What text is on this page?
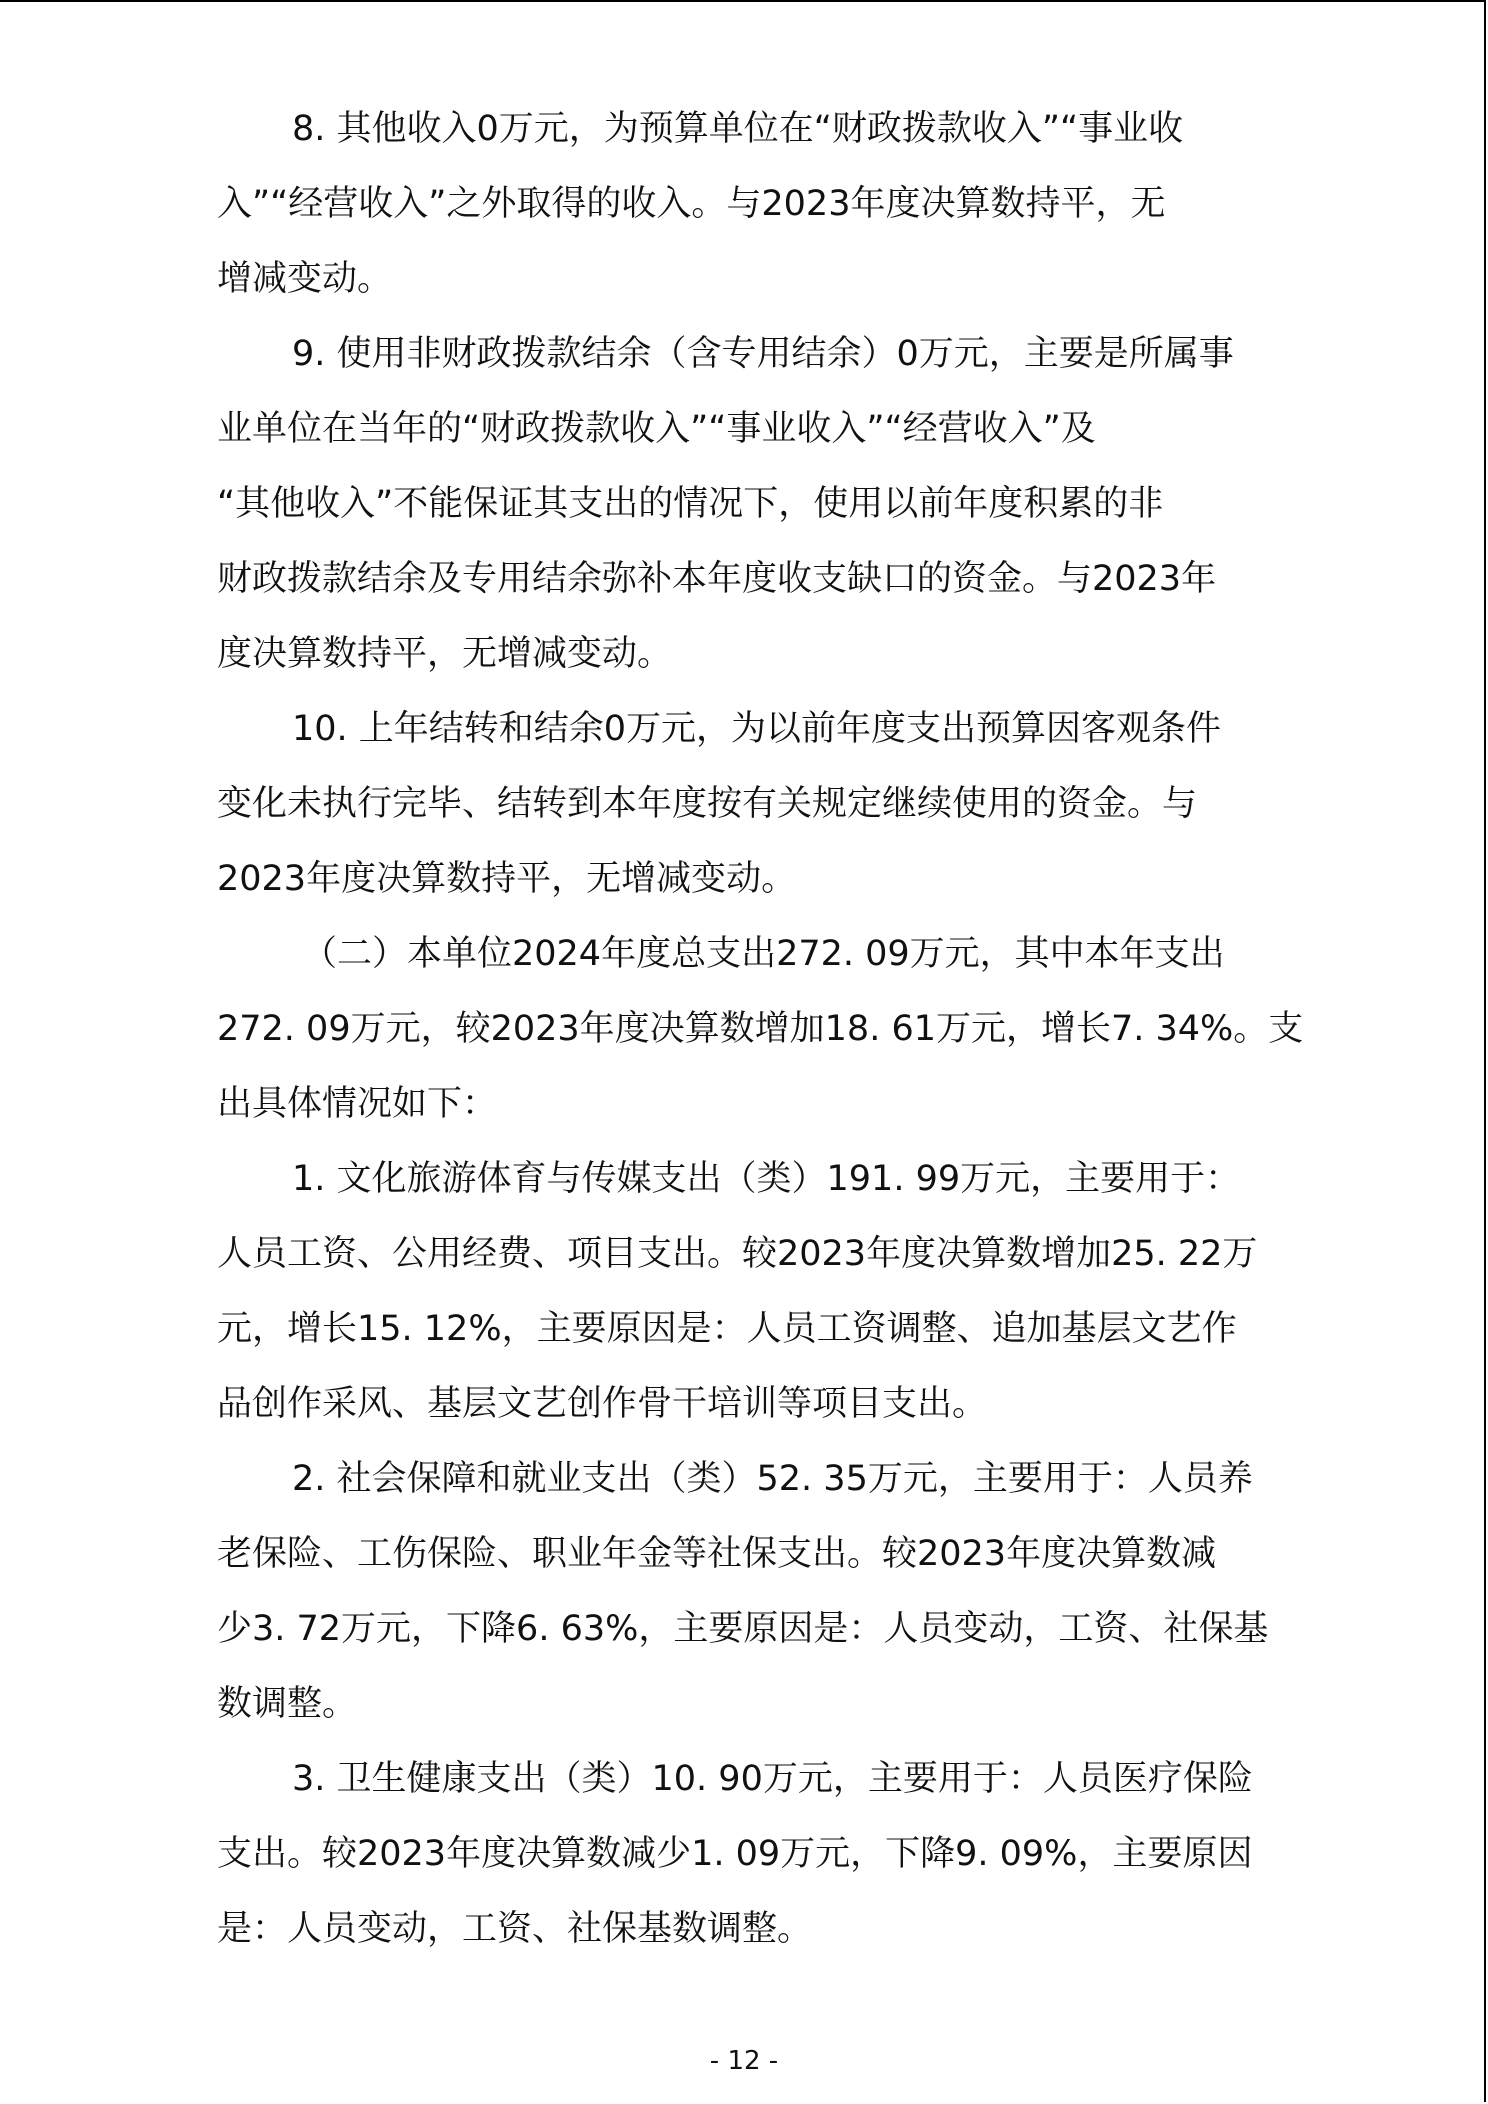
8. 其他收入0万元，为预算单位在“财政拨款收入”“事业收
入”“经营收入”之外取得的收入。与2023年度决算数持平，无
增减变动。
9. 使用非财政拨款结余（含专用结余）0万元，主要是所属事
业单位在当年的“财政拨款收入”“事业收入”“经营收入”及
“其他收入”不能保证其支出的情况下，使用以前年度积累的非
财政拨款结余及专用结余弥补本年度收支缺口的资金。与2023年
度决算数持平，无增减变动。
10. 上年结转和结余0万元，为以前年度支出预算因客观条件
变化未执行完毕、结转到本年度按有关规定继续使用的资金。与
2023年度决算数持平，无增减变动。
（二）本单位2024年度总支出272. 09万元，其中本年支出
272. 09万元，较2023年度决算数增加18. 61万元，增长7. 34%。支
出具体情况如下：
1. 文化旅游体育与传媒支出（类）191. 99万元，主要用于：
人员工资、公用经费、项目支出。较2023年度决算数增加25. 22万
元，增长15. 12%，主要原因是：人员工资调整、追加基层文艺作
品创作采风、基层文艺创作骨干培训等项目支出。
2. 社会保障和就业支出（类）52. 35万元，主要用于：人员养
老保险、工伤保险、职业年金等社保支出。较2023年度决算数减
少3. 72万元，下降6. 63%，主要原因是：人员变动，工资、社保基
数调整。
3. 卫生健康支出（类）10. 90万元，主要用于：人员医疗保险
支出。较2023年度决算数减少1. 09万元，下降9. 09%，主要原因
是：人员变动，工资、社保基数调整。
- 12 -
